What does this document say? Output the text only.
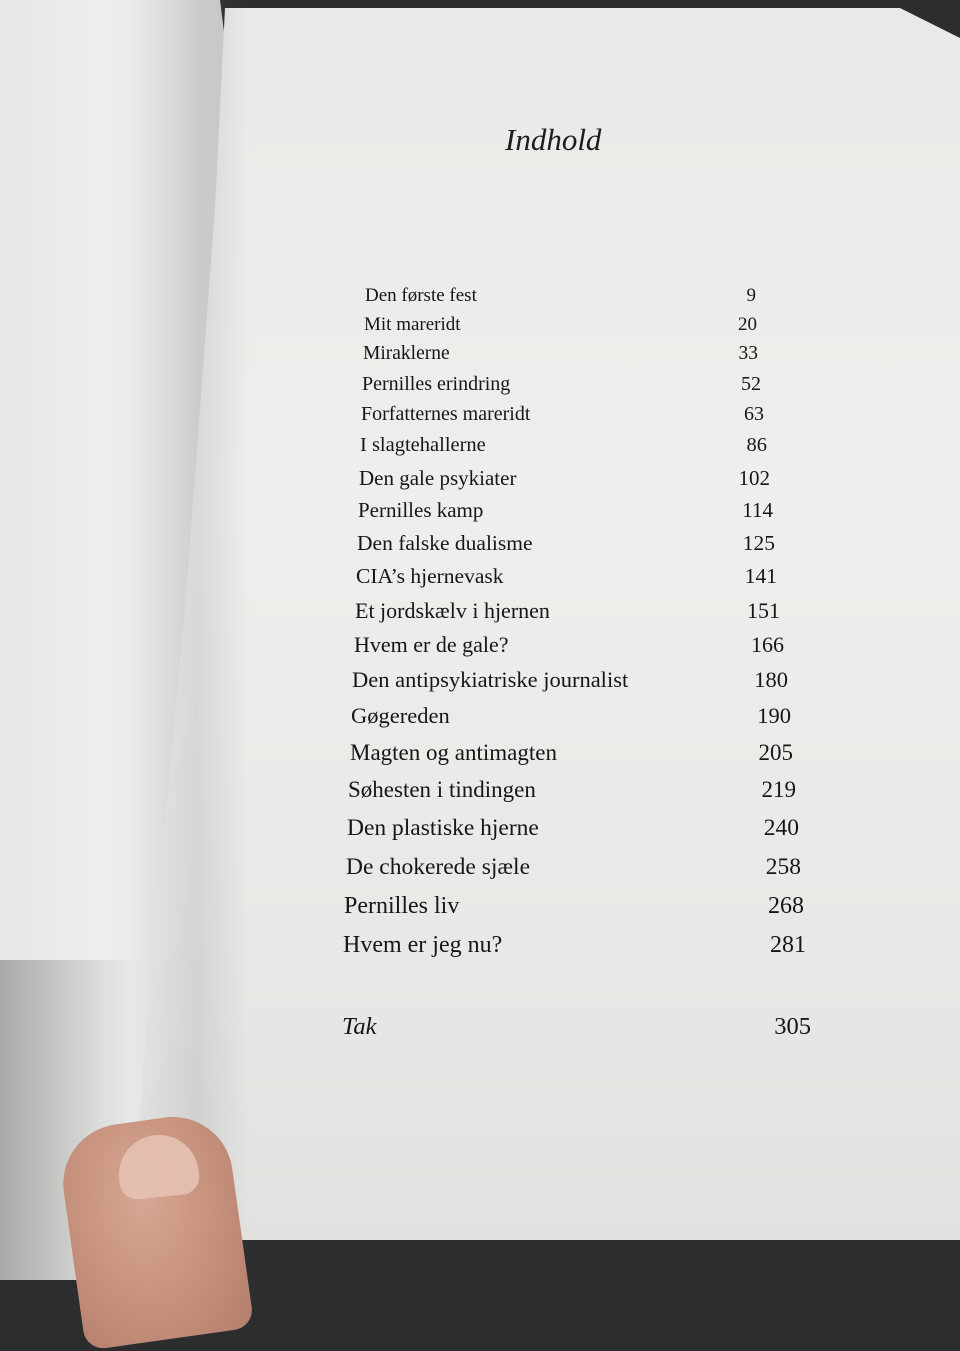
Indhold
Den første fest	9
Mit mareridt	20
Miraklerne	33
Pernilles erindring	52
Forfatternes mareridt	63
I slagtehallerne	86
Den gale psykiater	102
Pernilles kamp	114
Den falske dualisme	125
CIA’s hjernevask	141
Et jordskælv i hjernen	151
Hvem er de gale?	166
Den antipsykiatriske journalist	180
Gøgereden	190
Magten og antimagten	205
Søhesten i tindingen	219
Den plastiske hjerne	240
De chokerede sjæle	258
Pernilles liv	268
Hvem er jeg nu?	281
Tak	305
